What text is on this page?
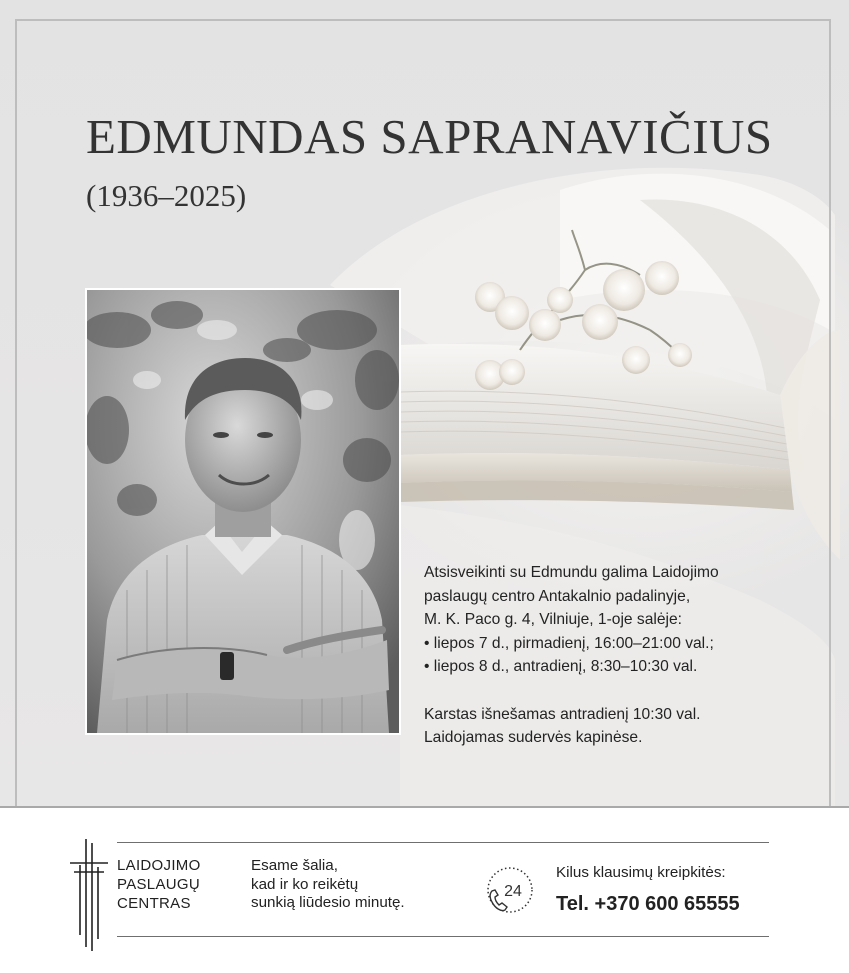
EDMUNDAS SAPRANAVIČIUS

(1936–2025)

Atsisveikinti su Edmundu galima Laidojimo

paslaugų centro Antakalnio padalinyje,

M. K. Paco g. 4, Vilniuje, 1-oje salėje:

• liepos 7 d., pirmadienį, 16:00–21:00 val.;

• liepos 8 d., antradienį, 8:30–10:30 val.

Karstas išnešamas antradienį 10:30 val.

Laidojamas sudervės kapinėse.

LAIDOJIMO
PASLAUGŲ
CENTRAS
Esame šalia,
kad ir ko reikėtų
sunkią liūdesio minutę.
24
Kilus klausimų kreipkitės:
Tel. +370 600 65555
